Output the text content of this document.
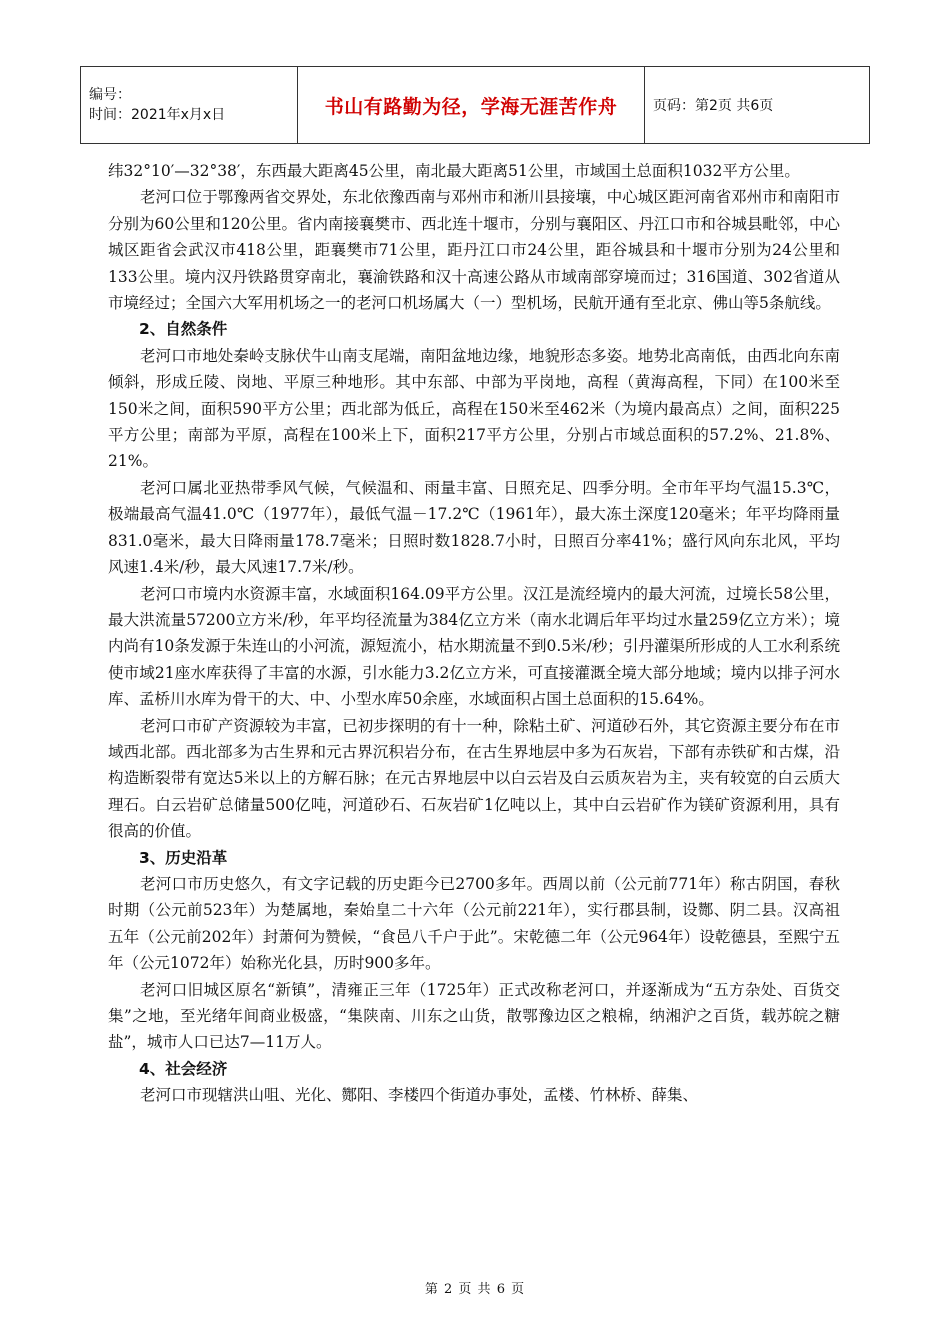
编号：
时间：2021年x月x日	书山有路勤为径，学海无涯苦作舟	页码：第2页 共6页

纬32°10′—32°38′，东西最大距离45公里，南北最大距离51公里，市域国土总面积1032平方公里。

老河口位于鄂豫两省交界处，东北依豫西南与邓州市和淅川县接壤，中心城区距河南省邓州市和南阳市分别为60公里和120公里。省内南接襄樊市、西北连十堰市，分别与襄阳区、丹江口市和谷城县毗邻，中心城区距省会武汉市418公里，距襄樊市71公里，距丹江口市24公里，距谷城县和十堰市分别为24公里和133公里。境内汉丹铁路贯穿南北，襄渝铁路和汉十高速公路从市域南部穿境而过；316国道、302省道从市境经过；全国六大军用机场之一的老河口机场属大（一）型机场，民航开通有至北京、佛山等5条航线。

2、自然条件

老河口市地处秦岭支脉伏牛山南支尾端，南阳盆地边缘，地貌形态多姿。地势北高南低，由西北向东南倾斜，形成丘陵、岗地、平原三种地形。其中东部、中部为平岗地，高程（黄海高程，下同）在100米至150米之间，面积590平方公里；西北部为低丘，高程在150米至462米（为境内最高点）之间，面积225平方公里；南部为平原，高程在100米上下，面积217平方公里，分别占市域总面积的57.2%、21.8%、21%。

老河口属北亚热带季风气候，气候温和、雨量丰富、日照充足、四季分明。全市年平均气温15.3℃，极端最高气温41.0℃（1977年），最低气温－17.2℃（1961年），最大冻土深度120毫米；年平均降雨量831.0毫米，最大日降雨量178.7毫米；日照时数1828.7小时，日照百分率41%；盛行风向东北风，平均风速1.4米/秒，最大风速17.7米/秒。

老河口市境内水资源丰富，水域面积164.09平方公里。汉江是流经境内的最大河流，过境长58公里，最大洪流量57200立方米/秒，年平均径流量为384亿立方米（南水北调后年平均过水量259亿立方米）；境内尚有10条发源于朱连山的小河流，源短流小，枯水期流量不到0.5米/秒；引丹灌渠所形成的人工水利系统使市域21座水库获得了丰富的水源，引水能力3.2亿立方米，可直接灌溉全境大部分地域；境内以排子河水库、孟桥川水库为骨干的大、中、小型水库50余座，水域面积占国土总面积的15.64%。

老河口市矿产资源较为丰富，已初步探明的有十一种，除粘土矿、河道砂石外，其它资源主要分布在市域西北部。西北部多为古生界和元古界沉积岩分布，在古生界地层中多为石灰岩，下部有赤铁矿和古煤，沿构造断裂带有宽达5米以上的方解石脉；在元古界地层中以白云岩及白云质灰岩为主，夹有较宽的白云质大理石。白云岩矿总储量500亿吨，河道砂石、石灰岩矿1亿吨以上，其中白云岩矿作为镁矿资源利用，具有很高的价值。

3、历史沿革

老河口市历史悠久，有文字记载的历史距今已2700多年。西周以前（公元前771年）称古阴国，春秋时期（公元前523年）为楚属地，秦始皇二十六年（公元前221年），实行郡县制，设酂、阴二县。汉高祖五年（公元前202年）封萧何为赞候，“食邑八千户于此”。宋乾德二年（公元964年）设乾德县，至熙宁五年（公元1072年）始称光化县，历时900多年。

老河口旧城区原名“新镇”，清雍正三年（1725年）正式改称老河口，并逐渐成为“五方杂处、百货交集”之地，至光绪年间商业极盛，“集陕南、川东之山货，散鄂豫边区之粮棉，纳湘沪之百货，载苏皖之糖盐”，城市人口已达7—11万人。

4、社会经济

老河口市现辖洪山咀、光化、酂阳、李楼四个街道办事处，孟楼、竹林桥、薛集、

第 2 页 共 6 页
